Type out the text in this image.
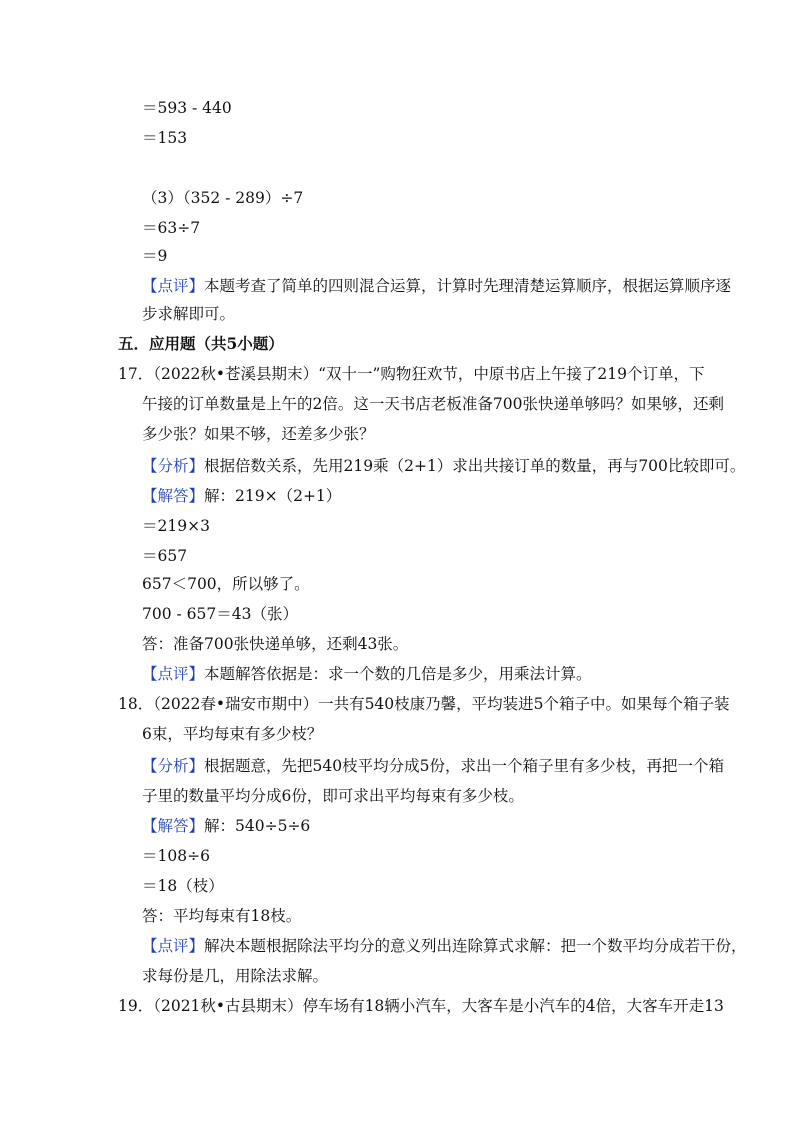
＝593 - 440
＝153
（3）（352 - 289）÷7
＝63÷7
＝9
【点评】本题考查了简单的四则混合运算，计算时先理清楚运算顺序，根据运算顺序逐
步求解即可。
五．应用题（共5小题）
17．（2022秋•苍溪县期末）“双十一”购物狂欢节，中原书店上午接了219个订单，下
午接的订单数量是上午的2倍。这一天书店老板准备700张快递单够吗？如果够，还剩
多少张？如果不够，还差多少张？
【分析】根据倍数关系，先用219乘（2+1）求出共接订单的数量，再与700比较即可。
【解答】解：219×（2+1）
＝219×3
＝657
657＜700，所以够了。
700 - 657＝43（张）
答：准备700张快递单够，还剩43张。
【点评】本题解答依据是：求一个数的几倍是多少，用乘法计算。
18．（2022春•瑞安市期中）一共有540枝康乃馨，平均装进5个箱子中。如果每个箱子装
6束，平均每束有多少枝？
【分析】根据题意，先把540枝平均分成5份，求出一个箱子里有多少枝，再把一个箱
子里的数量平均分成6份，即可求出平均每束有多少枝。
【解答】解：540÷5÷6
＝108÷6
＝18（枝）
答：平均每束有18枝。
【点评】解决本题根据除法平均分的意义列出连除算式求解：把一个数平均分成若干份，
求每份是几，用除法求解。
19．（2021秋•古县期末）停车场有18辆小汽车，大客车是小汽车的4倍，大客车开走13
